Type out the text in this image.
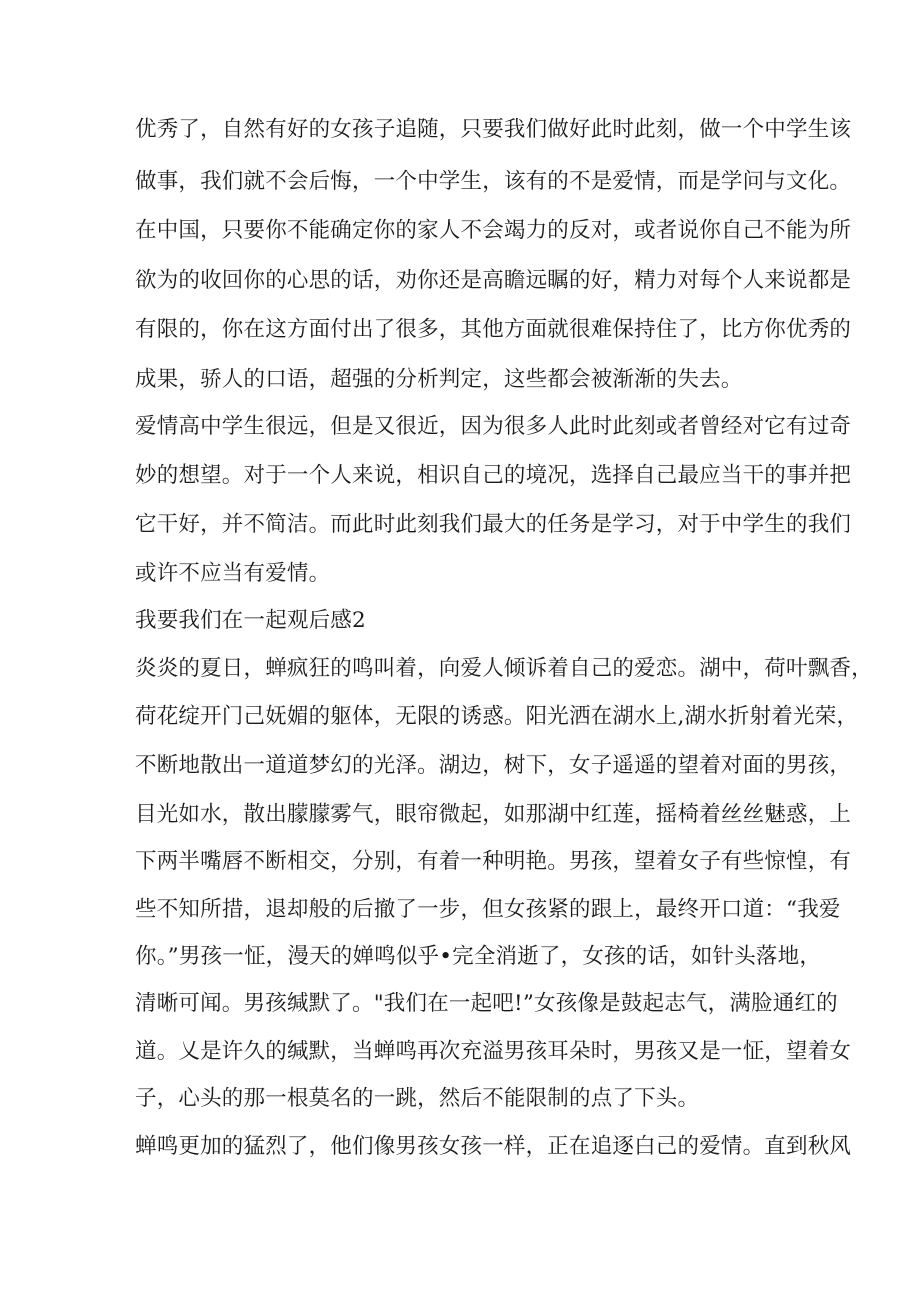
优秀了，自然有好的女孩子追随，只要我们做好此时此刻，做一个中学生该
做事，我们就不会后悔，一个中学生，该有的不是爱情，而是学问与文化。
在中国，只要你不能确定你的家人不会竭力的反对，或者说你自己不能为所
欲为的收回你的心思的话，劝你还是高瞻远瞩的好，精力对每个人来说都是
有限的，你在这方面付出了很多，其他方面就很难保持住了，比方你优秀的
成果，骄人的口语，超强的分析判定，这些都会被渐渐的失去。
爱情高中学生很远，但是又很近，因为很多人此时此刻或者曾经对它有过奇
妙的想望。对于一个人来说，相识自己的境况，选择自己最应当干的事并把
它干好，并不简洁。而此时此刻我们最大的任务是学习，对于中学生的我们
或许不应当有爱情。
我要我们在一起观后感2
炎炎的夏日，蝉疯狂的鸣叫着，向爱人倾诉着自己的爱恋。湖中，荷叶飘香，
荷花绽开门己妩媚的躯体，无限的诱惑。阳光洒在湖水上,湖水折射着光荣，
不断地散出一道道梦幻的光泽。湖边，树下，女子遥遥的望着对面的男孩，
目光如水，散出朦朦雾气，眼帘微起，如那湖中红莲，摇椅着丝丝魅惑，上
下两半嘴唇不断相交，分别，有着一种明艳。男孩，望着女子有些惊惶，有
些不知所措，退却般的后撤了一步，但女孩紧的跟上，最终开口道：“我爱
你。”男孩一怔，漫天的婵鸣似乎•完全消逝了，女孩的话，如针头落地，
清晰可闻。男孩缄默了。"我们在一起吧!”女孩像是鼓起志气，满脸通红的
道。乂是许久的缄默，当蝉鸣再次充溢男孩耳朵时，男孩又是一怔，望着女
子，心头的那一根莫名的一跳，然后不能限制的点了下头。
蝉鸣更加的猛烈了，他们像男孩女孩一样，正在追逐白己的爱情。直到秋风
